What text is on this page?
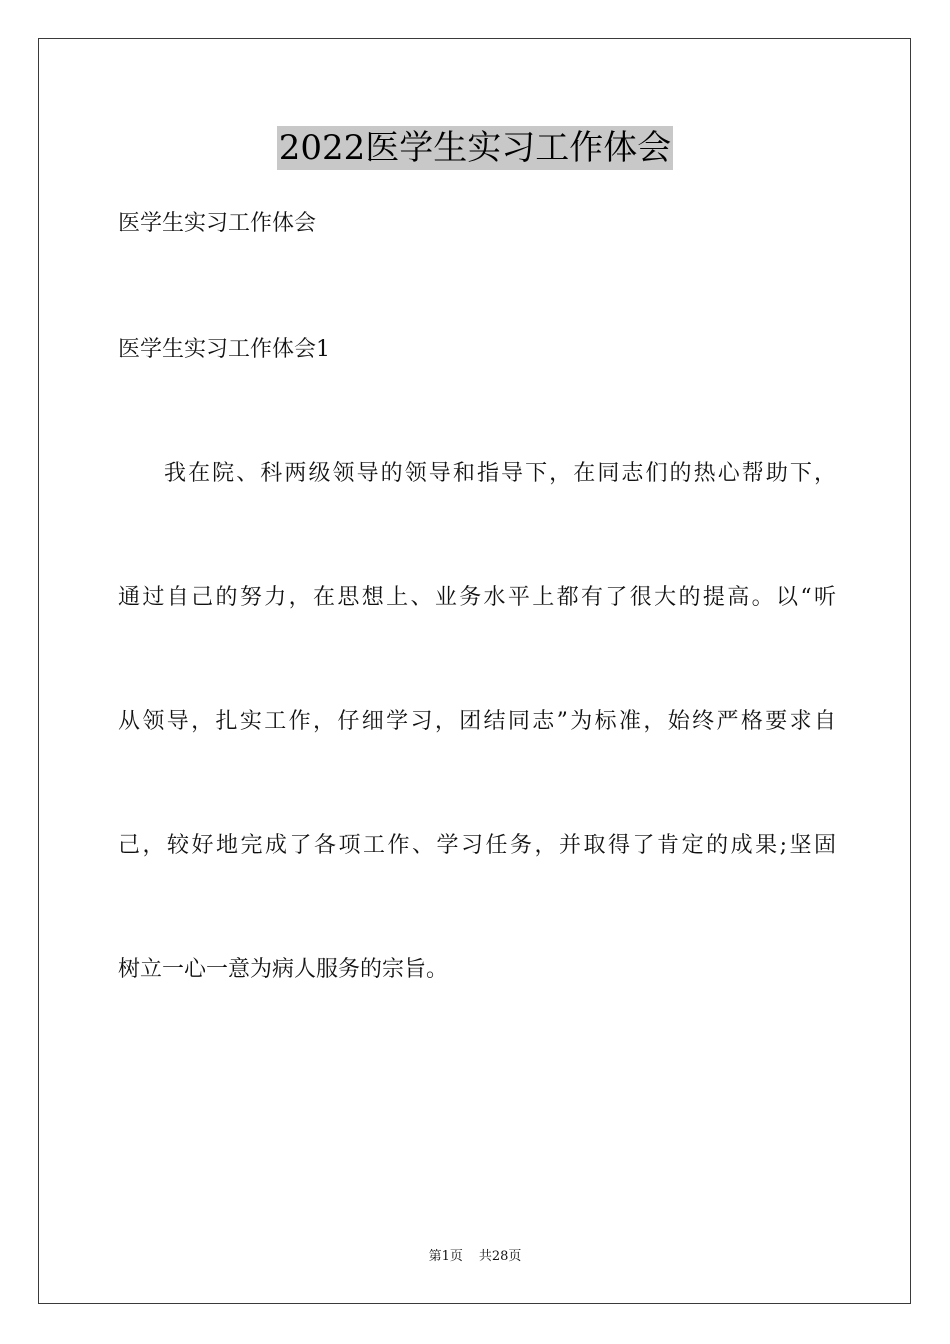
2022医学生实习工作体会
医学生实习工作体会
医学生实习工作体会1
我在院、科两级领导的领导和指导下，在同志们的热心帮助下，
通过自己的努力，在思想上、业务水平上都有了很大的提高。以“听
从领导，扎实工作，仔细学习，团结同志”为标准，始终严格要求自
己，较好地完成了各项工作、学习任务，并取得了肯定的成果;坚固
树立一心一意为病人服务的宗旨。
第1页 共28页
